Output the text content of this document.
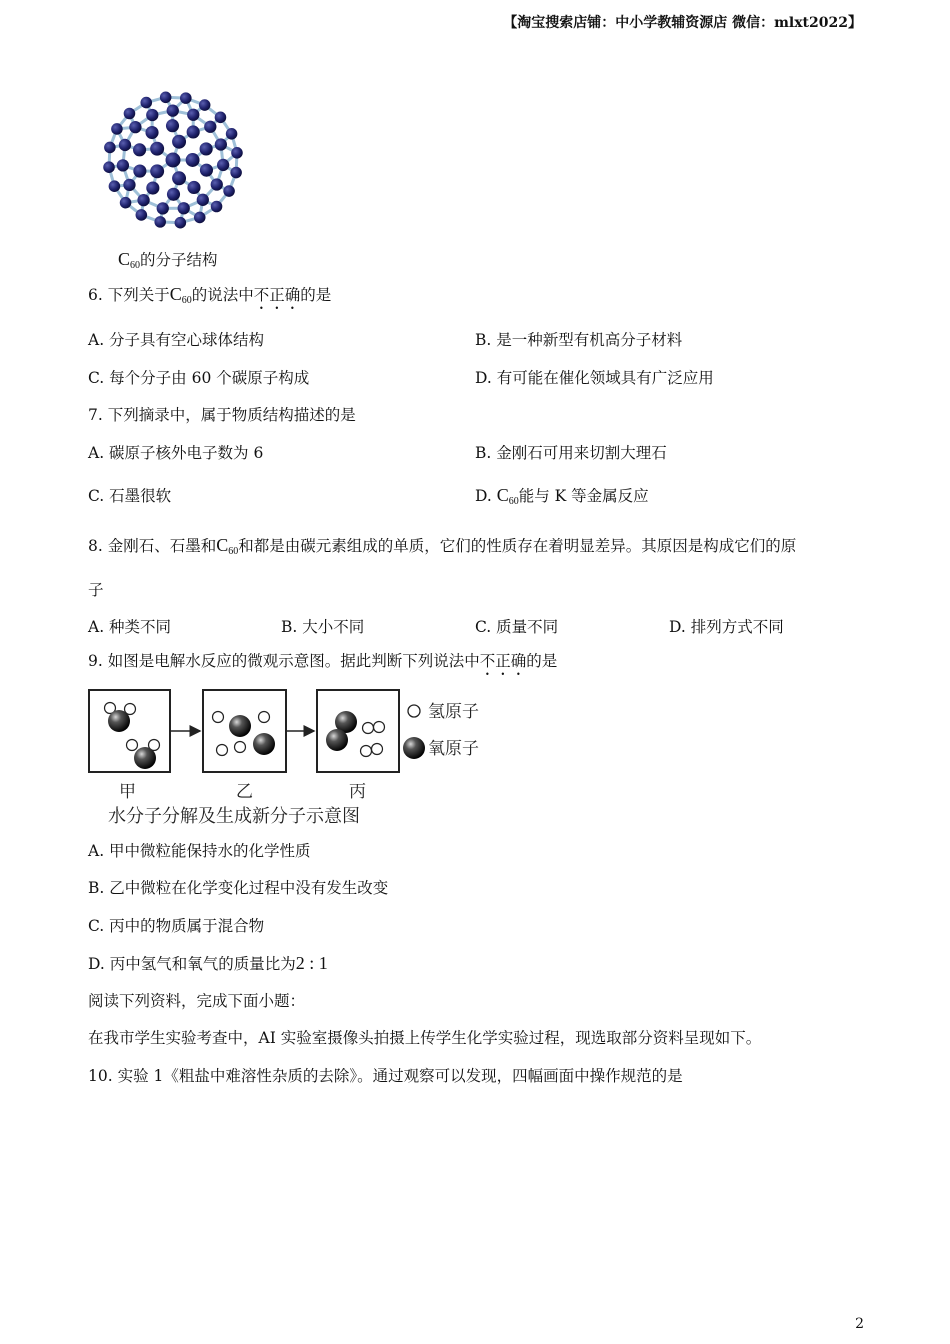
【淘宝搜索店铺：中小学教辅资源店 微信：mlxt2022】
$C_{60}$的分子结构
6. 下列关于$C_{60}$的说法中不正确的是
A. 分子具有空心球体结构	B. 是一种新型有机高分子材料
C. 每个分子由 60 个碳原子构成	D. 有可能在催化领域具有广泛应用
7. 下列摘录中，属于物质结构描述的是
A. 碳原子核外电子数为 6	B. 金刚石可用来切割大理石
C. 石墨很软	D. $C_{60}$能与 K 等金属反应
8. 金刚石、石墨和$C_{60}$和都是由碳元素组成的单质，它们的性质存在着明显差异。其原因是构成它们的原
子
A. 种类不同	B. 大小不同	C. 质量不同	D. 排列方式不同
9. 如图是电解水反应的微观示意图。据此判断下列说法中不正确的是
氢原子
氧原子
甲	乙	丙
水分子分解及生成新分子示意图
A. 甲中微粒能保持水的化学性质
B. 乙中微粒在化学变化过程中没有发生改变
C. 丙中的物质属于混合物
D. 丙中氢气和氧气的质量比为2 : 1
阅读下列资料，完成下面小题：
在我市学生实验考查中，AI 实验室摄像头拍摄上传学生化学实验过程，现选取部分资料呈现如下。
10. 实验 1《粗盐中难溶性杂质的去除》。通过观察可以发现，四幅画面中操作规范的是
2
